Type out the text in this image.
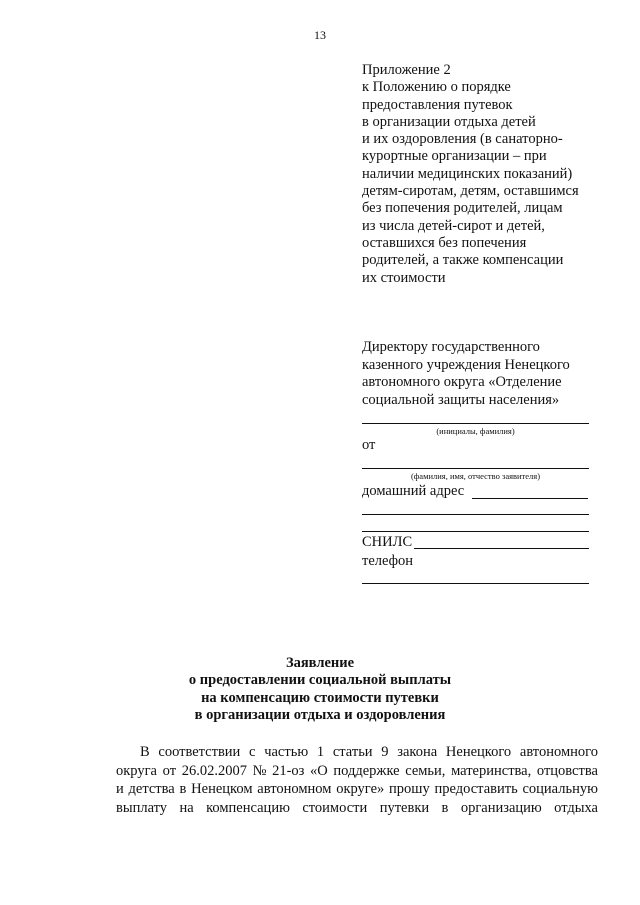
13
Приложение 2
к Положению о порядке
предоставления путевок
в организации отдыха детей
и их оздоровления (в санаторно-
курортные организации – при
наличии медицинских показаний)
детям-сиротам, детям, оставшимся
без попечения родителей, лицам
из числа детей-сирот и детей,
оставшихся без попечения
родителей, а также компенсации
их стоимости
Директору государственного
казенного учреждения Ненецкого
автономного округа «Отделение
социальной защиты населения»
(инициалы, фамилия)
от
(фамилия, имя, отчество заявителя)
домашний адрес
СНИЛС
телефон
Заявление
о предоставлении социальной выплаты
на компенсацию стоимости путевки
в организации отдыха и оздоровления
В соответствии с частью 1 статьи 9 закона Ненецкого автономного
округа от 26.02.2007 № 21-оз «О поддержке семьи, материнства, отцовства
и детства в Ненецком автономном округе» прошу предоставить социальную
выплату на компенсацию стоимости путевки в организацию отдыха
